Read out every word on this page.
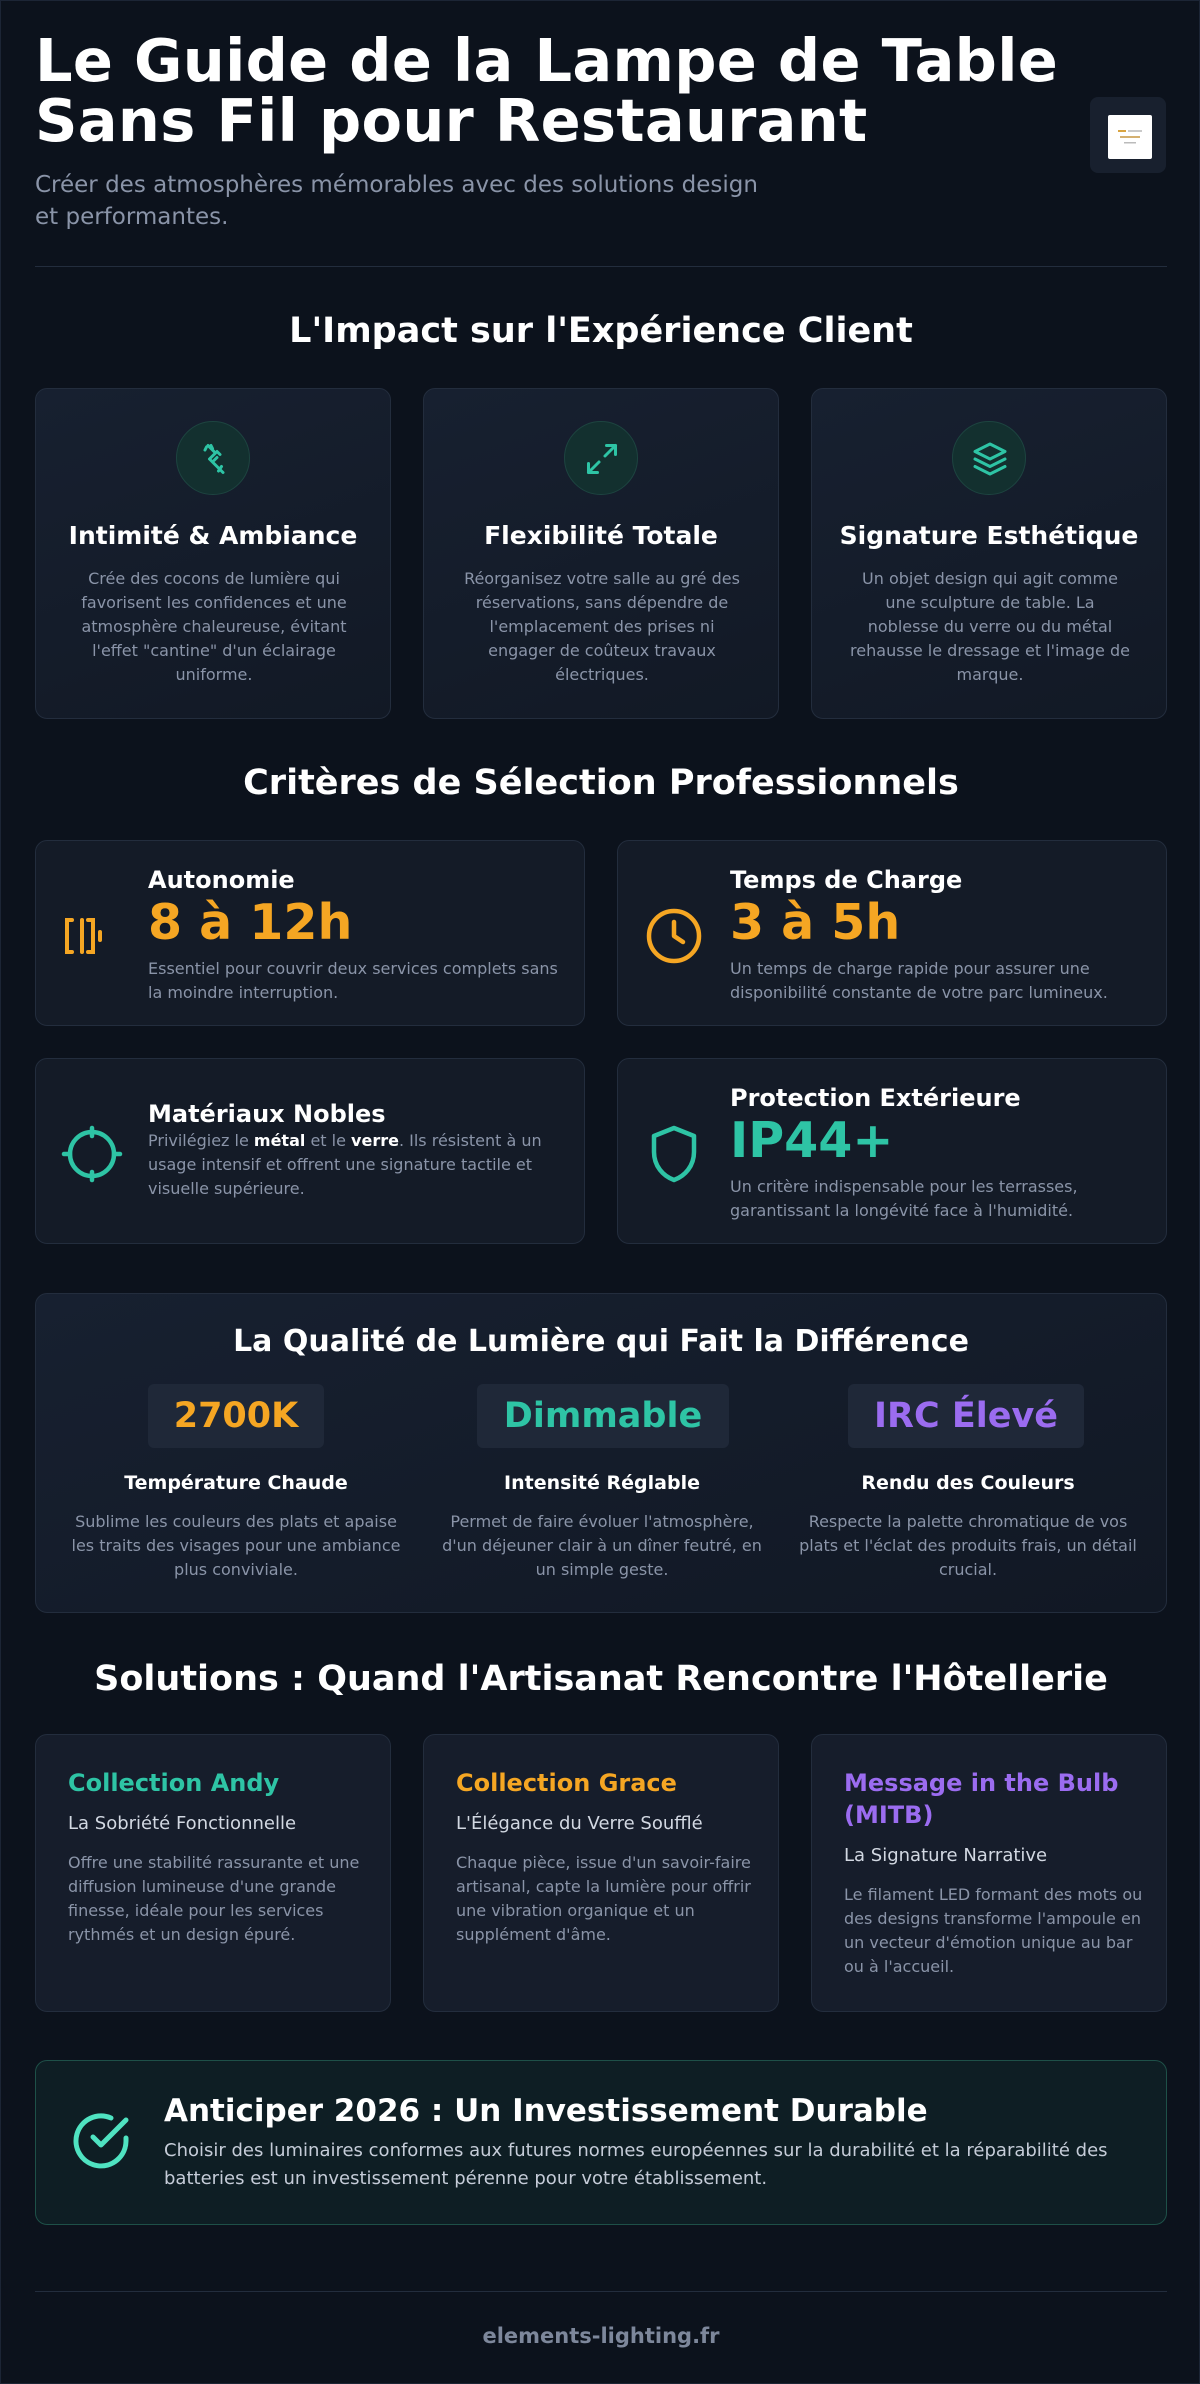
Le Guide de la Lampe de Table
Sans Fil pour Restaurant
Créer des atmosphères mémorables avec des solutions design
et performantes.
L'Impact sur l'Expérience Client
Intimité & Ambiance
Crée des cocons de lumière qui favorisent les confidences et une atmosphère chaleureuse, évitant l'effet "cantine" d'un éclairage uniforme.
Flexibilité Totale
Réorganisez votre salle au gré des réservations, sans dépendre de l'emplacement des prises ni engager de coûteux travaux électriques.
Signature Esthétique
Un objet design qui agit comme une sculpture de table. La noblesse du verre ou du métal rehausse le dressage et l'image de marque.
Critères de Sélection Professionnels
Autonomie
8 à 12h
Essentiel pour couvrir deux services complets sans la moindre interruption.
Temps de Charge
3 à 5h
Un temps de charge rapide pour assurer une disponibilité constante de votre parc lumineux.
Matériaux Nobles
Privilégiez le métal et le verre. Ils résistent à un usage intensif et offrent une signature tactile et visuelle supérieure.
Protection Extérieure
IP44+
Un critère indispensable pour les terrasses, garantissant la longévité face à l'humidité.
La Qualité de Lumière qui Fait la Différence
2700K
Température Chaude
Sublime les couleurs des plats et apaise les traits des visages pour une ambiance plus conviviale.
Dimmable
Intensité Réglable
Permet de faire évoluer l'atmosphère, d'un déjeuner clair à un dîner feutré, en un simple geste.
IRC Élevé
Rendu des Couleurs
Respecte la palette chromatique de vos plats et l'éclat des produits frais, un détail crucial.
Solutions : Quand l'Artisanat Rencontre l'Hôtellerie
Collection Andy
La Sobriété Fonctionnelle
Offre une stabilité rassurante et une diffusion lumineuse d'une grande finesse, idéale pour les services rythmés et un design épuré.
Collection Grace
L'Élégance du Verre Soufflé
Chaque pièce, issue d'un savoir-faire artisanal, capte la lumière pour offrir une vibration organique et un supplément d'âme.
Message in the Bulb (MITB)
La Signature Narrative
Le filament LED formant des mots ou des designs transforme l'ampoule en un vecteur d'émotion unique au bar ou à l'accueil.
Anticiper 2026 : Un Investissement Durable
Choisir des luminaires conformes aux futures normes européennes sur la durabilité et la réparabilité des batteries est un investissement pérenne pour votre établissement.
elements-lighting.fr
